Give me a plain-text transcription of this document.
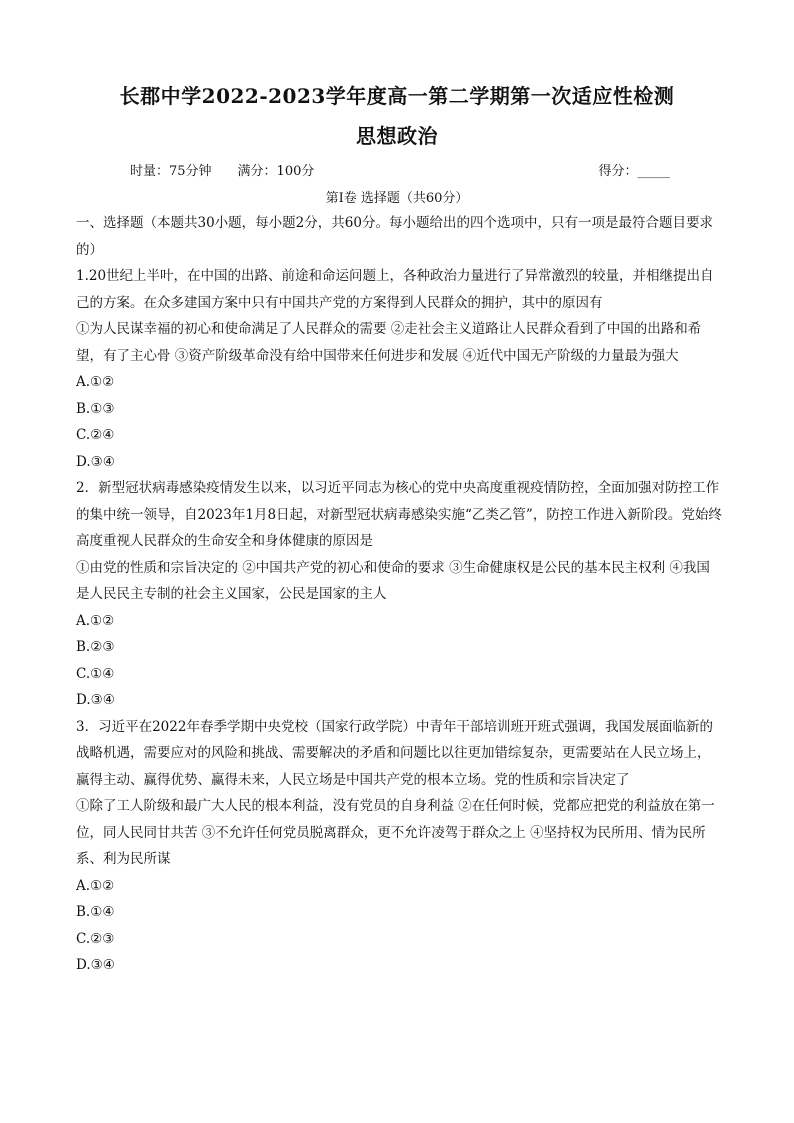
长郡中学2022-2023学年度高一第二学期第一次适应性检测
思想政治
时量：75分钟 满分：100分	得分：_____
第Ⅰ卷 选择题（共60分）

一、选择题（本题共30小题，每小题2分，共60分。每小题给出的四个选项中，只有一项是最符合题目要求的）

1.20世纪上半叶，在中国的出路、前途和命运问题上，各种政治力量进行了异常激烈的较量，并相继提出自己的方案。在众多建国方案中只有中国共产党的方案得到人民群众的拥护，其中的原因有

①为人民谋幸福的初心和使命满足了人民群众的需要 ②走社会主义道路让人民群众看到了中国的出路和希望，有了主心骨 ③资产阶级革命没有给中国带来任何进步和发展 ④近代中国无产阶级的力量最为强大

A.①②

B.①③

C.②④

D.③④

2．新型冠状病毒感染疫情发生以来，以习近平同志为核心的党中央高度重视疫情防控，全面加强对防控工作的集中统一领导，自2023年1月8日起，对新型冠状病毒感染实施“乙类乙管”，防控工作进入新阶段。党始终高度重视人民群众的生命安全和身体健康的原因是

①由党的性质和宗旨决定的 ②中国共产党的初心和使命的要求 ③生命健康权是公民的基本民主权利 ④我国是人民民主专制的社会主义国家，公民是国家的主人

A.①②

B.②③

C.①④

D.③④

3．习近平在2022年春季学期中央党校（国家行政学院）中青年干部培训班开班式强调，我国发展面临新的战略机遇，需要应对的风险和挑战、需要解决的矛盾和问题比以往更加错综复杂，更需要站在人民立场上，赢得主动、赢得优势、赢得未来，人民立场是中国共产党的根本立场。党的性质和宗旨决定了

①除了工人阶级和最广大人民的根本利益，没有党员的自身利益 ②在任何时候，党都应把党的利益放在第一位，同人民同甘共苦 ③不允许任何党员脱离群众，更不允许凌驾于群众之上 ④坚持权为民所用、情为民所系、利为民所谋

A.①②

B.①④

C.②③

D.③④
